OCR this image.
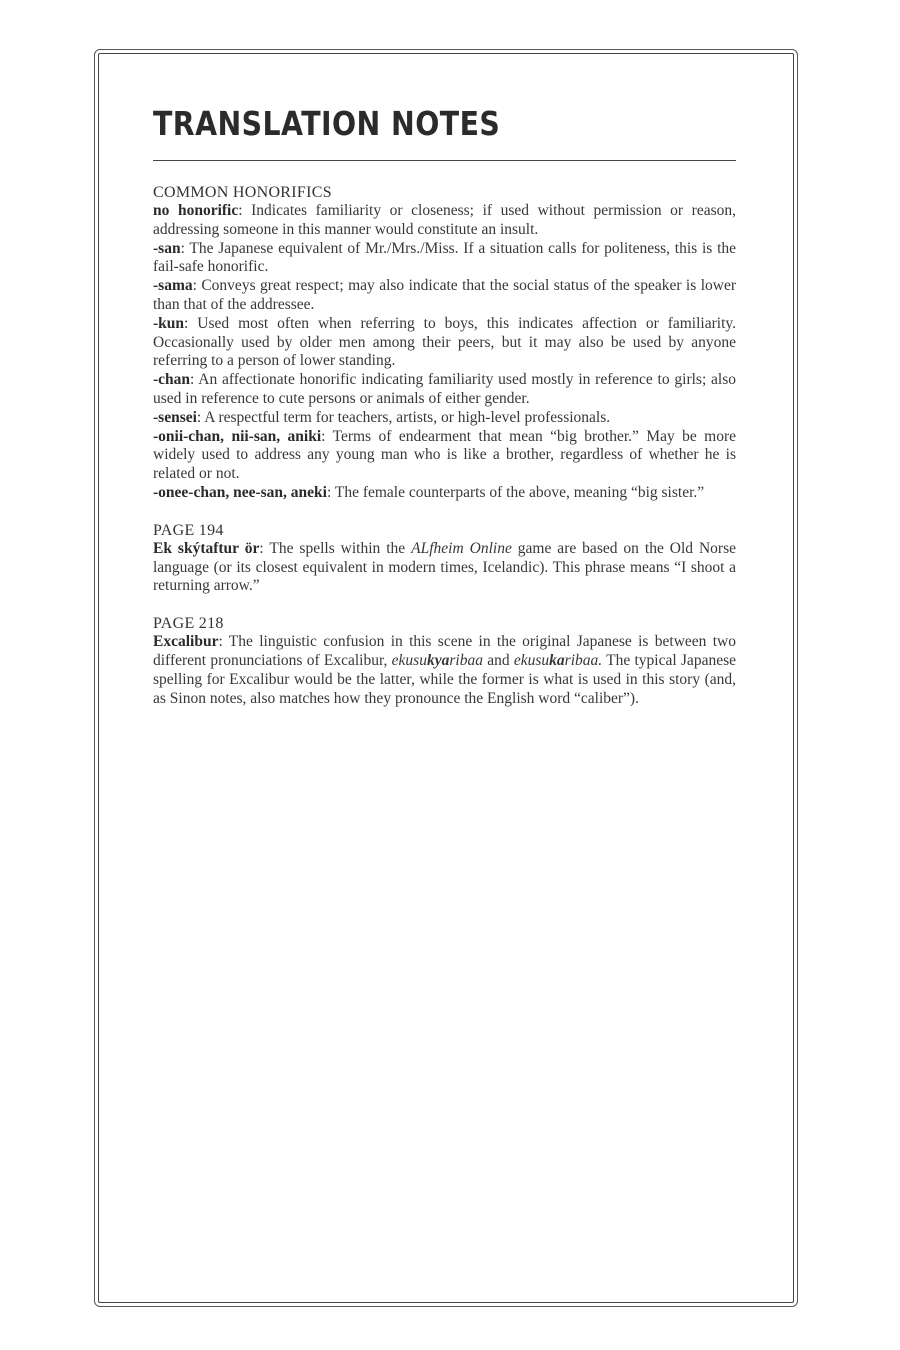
TRANSLATION NOTES
COMMON HONORIFICS

no honorific: Indicates familiarity or closeness; if used without permission or reason, addressing someone in this manner would constitute an insult.

-san: The Japanese equivalent of Mr./Mrs./Miss. If a situation calls for politeness, this is the fail-safe honorific.

-sama: Conveys great respect; may also indicate that the social status of the speaker is lower than that of the addressee.

-kun: Used most often when referring to boys, this indicates affection or familiarity. Occasionally used by older men among their peers, but it may also be used by anyone referring to a person of lower standing.

-chan: An affectionate honorific indicating familiarity used mostly in reference to girls; also used in reference to cute persons or animals of either gender.

-sensei: A respectful term for teachers, artists, or high-level professionals.

-onii-chan, nii-san, aniki: Terms of endearment that mean “big brother.” May be more widely used to address any young man who is like a brother, regardless of whether he is related or not.

-onee-chan, nee-san, aneki: The female counterparts of the above, meaning “big sister.”

PAGE 194

Ek skýtaftur ör: The spells within the ALfheim Online game are based on the Old Norse language (or its closest equivalent in modern times, Icelandic). This phrase means “I shoot a returning arrow.”

PAGE 218

Excalibur: The linguistic confusion in this scene in the original Japanese is between two different pronunciations of Excalibur, ekusukyaribaa and ekusukaribaa. The typical Japanese spelling for Excalibur would be the latter, while the former is what is used in this story (and, as Sinon notes, also matches how they pronounce the English word “caliber”).
